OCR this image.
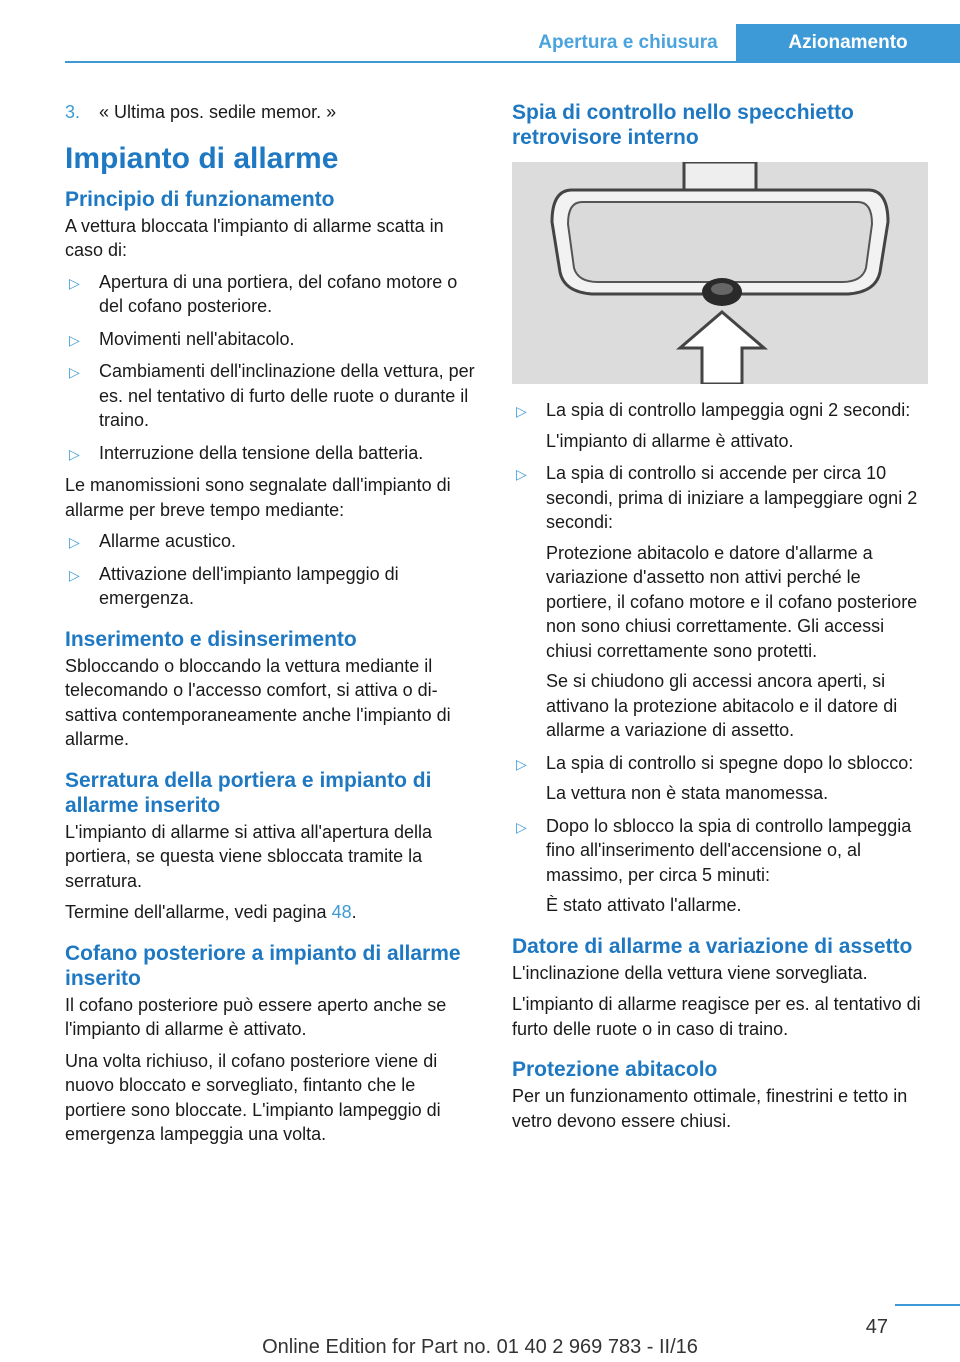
Apertura e chiusura	Azionamento
3. « Ultima pos. sedile memor. »
Impianto di allarme
Principio di funzionamento

A vettura bloccata l'impianto di allarme scatta in caso di:

▷ Apertura di una portiera, del cofano motore o del cofano posteriore.
▷ Movimenti nell'abitacolo.
▷ Cambiamenti dell'inclinazione della vettura, per es. nel tentativo di furto delle ruote o durante il traino.
▷ Interruzione della tensione della batteria.

Le manomissioni sono segnalate dall'impianto di allarme per breve tempo mediante:

▷ Allarme acustico.
▷ Attivazione dell'impianto lampeggio di emergenza.
Inserimento e disinserimento

Sbloccando o bloccando la vettura mediante il telecomando o l'accesso comfort, si attiva o disattiva contemporaneamente anche l'impianto di allarme.

Serratura della portiera e impianto di allarme inserito

L'impianto di allarme si attiva all'apertura della portiera, se questa viene sbloccata tramite la serratura.

Termine dell'allarme, vedi pagina 48.

Cofano posteriore a impianto di allarme inserito

Il cofano posteriore può essere aperto anche se l'impianto di allarme è attivato.

Una volta richiuso, il cofano posteriore viene di nuovo bloccato e sorvegliato, fintanto che le portiere sono bloccate. L'impianto lampeggio di emergenza lampeggia una volta.

Spia di controllo nello specchietto retrovisore interno
▷ La spia di controllo lampeggia ogni 2 secondi:

L'impianto di allarme è attivato.

▷ La spia di controllo si accende per circa 10 secondi, prima di iniziare a lampeggiare ogni 2 secondi:

Protezione abitacolo e datore d'allarme a variazione d'assetto non attivi perché le portiere, il cofano motore e il cofano posteriore non sono chiusi correttamente. Gli accessi chiusi correttamente sono protetti.

Se si chiudono gli accessi ancora aperti, si attivano la protezione abitacolo e il datore di allarme a variazione di assetto.

▷ La spia di controllo si spegne dopo lo sblocco:

La vettura non è stata manomessa.

▷ Dopo lo sblocco la spia di controllo lampeggia fino all'inserimento dell'accensione o, al massimo, per circa 5 minuti:

È stato attivato l'allarme.

Datore di allarme a variazione di assetto

L'inclinazione della vettura viene sorvegliata.

L'impianto di allarme reagisce per es. al tentativo di furto delle ruote o in caso di traino.

Protezione abitacolo

Per un funzionamento ottimale, finestrini e tetto in vetro devono essere chiusi.

47
Online Edition for Part no. 01 40 2 969 783 - II/16
